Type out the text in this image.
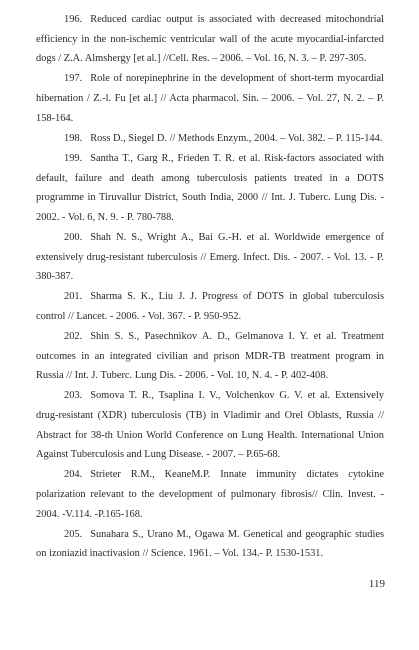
196. Reduced cardiac output is associated with decreased mitochondrial efficiency in the non-ischemic ventricular wall of the acute myocardial-infarcted dogs / Z.A. Almshergy [et al.] //Cell. Res. – 2006. – Vol. 16, N. 3. – P. 297-305.

197. Role of norepinephrine in the development of short-term myocardial hibernation / Z.-l. Fu [et al.] // Acta pharmacol. Sin. – 2006. – Vol. 27, N. 2. – P. 158-164.

198. Ross D., Siegel D. // Methods Enzym., 2004. – Vol. 382. – P. 115-144.

199. Santha T., Garg R., Frieden T. R. et al. Risk-factors associated with default, failure and death among tuberculosis patients treated in a DOTS programme in Tiruvallur District, South India, 2000 // Int. J. Tuberc. Lung Dis. - 2002. - Vol. 6, N. 9. - P. 780-788.

200. Shah N. S., Wright A., Bai G.-H. et al. Worldwide emergence of extensively drug-resistant tuberculosis // Emerg. Infect. Dis. - 2007. - Vol. 13. - P. 380-387.

201. Sharma S. K., Liu J. J. Progress of DOTS in global tuberculosis control // Lancet. - 2006. - Vol. 367. - P. 950-952.

202. Shin S. S., Pasechnikov A. D., Gelmanova I. Y. et al. Treatment outcomes in an integrated civilian and prison MDR-TB treatment program in Russia // Int. J. Tuberc. Lung Dis. - 2006. - Vol. 10, N. 4. - P. 402-408.

203. Somova T. R., Tsaplina I. V., Volchenkov G. V. et al. Extensively drug-resistant (XDR) tuberculosis (TB) in Vladimir and Orel Oblasts, Russia // Abstract for 38-th Union World Conference on Lung Health. International Union Against Tuberculosis and Lung Disease. - 2007. – P.65-68.

204. Strieter R.M., KeaneM.P. Innate immunity dictates cytokine polarization relevant to the development of pulmonary fibrosis// Clin. Invest. - 2004. -V.114. -P.165-168.

205. Sunahara S., Urano M., Ogawa M. Genetical and geographic studies on izoniazid inactivasion // Science. 1961. – Vol. 134.- P. 1530-1531.

119
